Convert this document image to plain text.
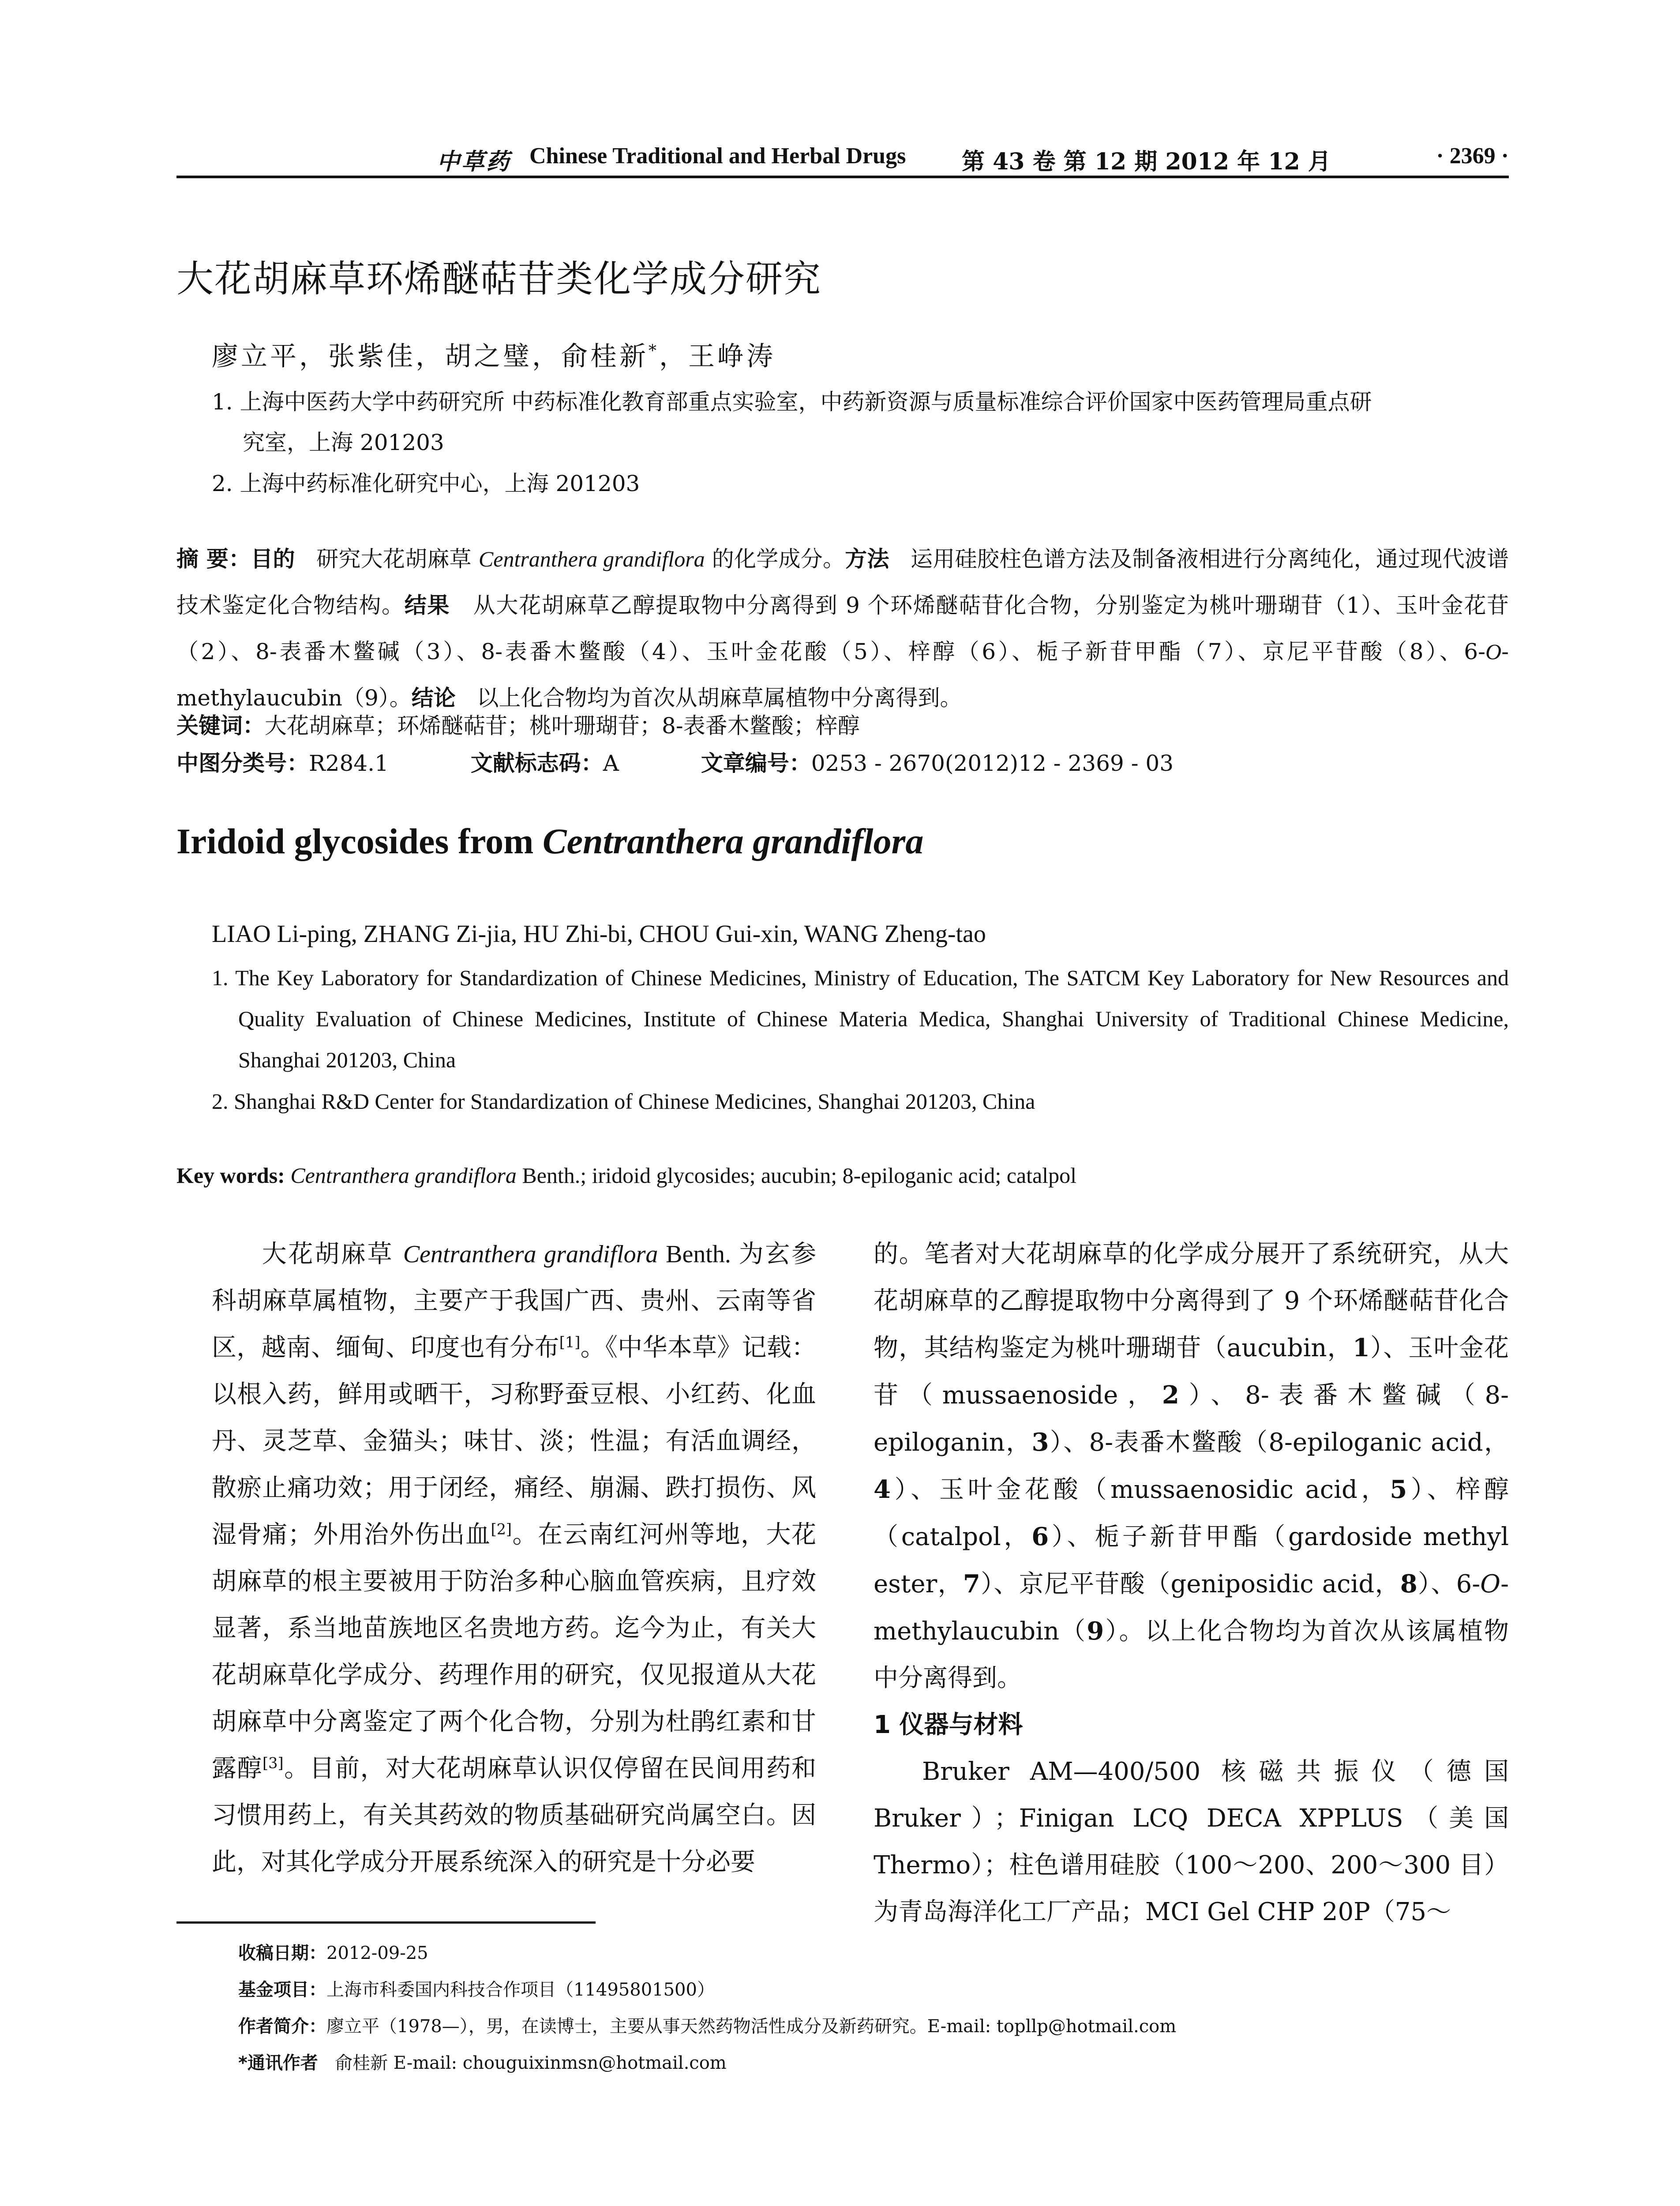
中草药 Chinese Traditional and Herbal Drugs 第 43 卷 第 12 期 2012 年 12 月	· 2369 ·
大花胡麻草环烯醚萜苷类化学成分研究
廖立平，张紫佳，胡之璧，俞桂新*，王峥涛
1. 上海中医药大学中药研究所 中药标准化教育部重点实验室，中药新资源与质量标准综合评价国家中医药管理局重点研
究室，上海 201203
2. 上海中药标准化研究中心，上海 201203
摘 要：目的 研究大花胡麻草 Centranthera grandiflora 的化学成分。方法 运用硅胶柱色谱方法及制备液相进行分离纯化，通过现代波谱技术鉴定化合物结构。结果 从大花胡麻草乙醇提取物中分离得到 9 个环烯醚萜苷化合物，分别鉴定为桃叶珊瑚苷（1）、玉叶金花苷（2）、8-表番木鳖碱（3）、8-表番木鳖酸（4）、玉叶金花酸（5）、梓醇（6）、栀子新苷甲酯（7）、京尼平苷酸（8）、6-O-methylaucubin（9）。结论 以上化合物均为首次从胡麻草属植物中分离得到。
关键词：大花胡麻草；环烯醚萜苷；桃叶珊瑚苷；8-表番木鳖酸；梓醇
中图分类号：R284.1	文献标志码：A	文章编号：0253 - 2670(2012)12 - 2369 - 03
Iridoid glycosides from Centranthera grandiflora
LIAO Li-ping, ZHANG Zi-jia, HU Zhi-bi, CHOU Gui-xin, WANG Zheng-tao
1. The Key Laboratory for Standardization of Chinese Medicines, Ministry of Education, The SATCM Key Laboratory for New Resources and Quality Evaluation of Chinese Medicines, Institute of Chinese Materia Medica, Shanghai University of Traditional Chinese Medicine, Shanghai 201203, China
2. Shanghai R&D Center for Standardization of Chinese Medicines, Shanghai 201203, China
Key words: Centranthera grandiflora Benth.; iridoid glycosides; aucubin; 8-epiloganic acid; catalpol
大花胡麻草 Centranthera grandiflora Benth. 为玄参科胡麻草属植物，主要产于我国广西、贵州、云南等省区，越南、缅甸、印度也有分布[1]。《中华本草》记载：以根入药，鲜用或晒干，习称野蚕豆根、小红药、化血丹、灵芝草、金猫头；味甘、淡；性温；有活血调经，散瘀止痛功效；用于闭经，痛经、崩漏、跌打损伤、风湿骨痛；外用治外伤出血[2]。在云南红河州等地，大花胡麻草的根主要被用于防治多种心脑血管疾病，且疗效显著，系当地苗族地区名贵地方药。迄今为止，有关大花胡麻草化学成分、药理作用的研究，仅见报道从大花胡麻草中分离鉴定了两个化合物，分别为杜鹃红素和甘露醇[3]。目前，对大花胡麻草认识仅停留在民间用药和习惯用药上，有关其药效的物质基础研究尚属空白。因此，对其化学成分开展系统深入的研究是十分必要
的。笔者对大花胡麻草的化学成分展开了系统研究，从大花胡麻草的乙醇提取物中分离得到了 9 个环烯醚萜苷化合物，其结构鉴定为桃叶珊瑚苷（aucubin，1）、玉叶金花苷（mussaenoside，2）、8-表番木鳖碱（8-epiloganin，3）、8-表番木鳖酸（8-epiloganic acid，4）、玉叶金花酸（mussaenosidic acid，5）、梓醇（catalpol，6）、栀子新苷甲酯（gardoside methyl ester，7）、京尼平苷酸（geniposidic acid，8）、6-O-methylaucubin（9）。以上化合物均为首次从该属植物中分离得到。
1 仪器与材料
Bruker AM—400/500 核磁共振仪（德国 Bruker）；Finigan LCQ DECA XPPLUS（美国 Thermo）；柱色谱用硅胶（100～200、200～300 目）为青岛海洋化工厂产品；MCI Gel CHP 20P（75～
收稿日期：2012-09-25
基金项目：上海市科委国内科技合作项目（11495801500）
作者简介：廖立平（1978—），男，在读博士，主要从事天然药物活性成分及新药研究。E-mail: topllp@hotmail.com
*通讯作者 俞桂新 E-mail: chouguixinmsn@hotmail.com
